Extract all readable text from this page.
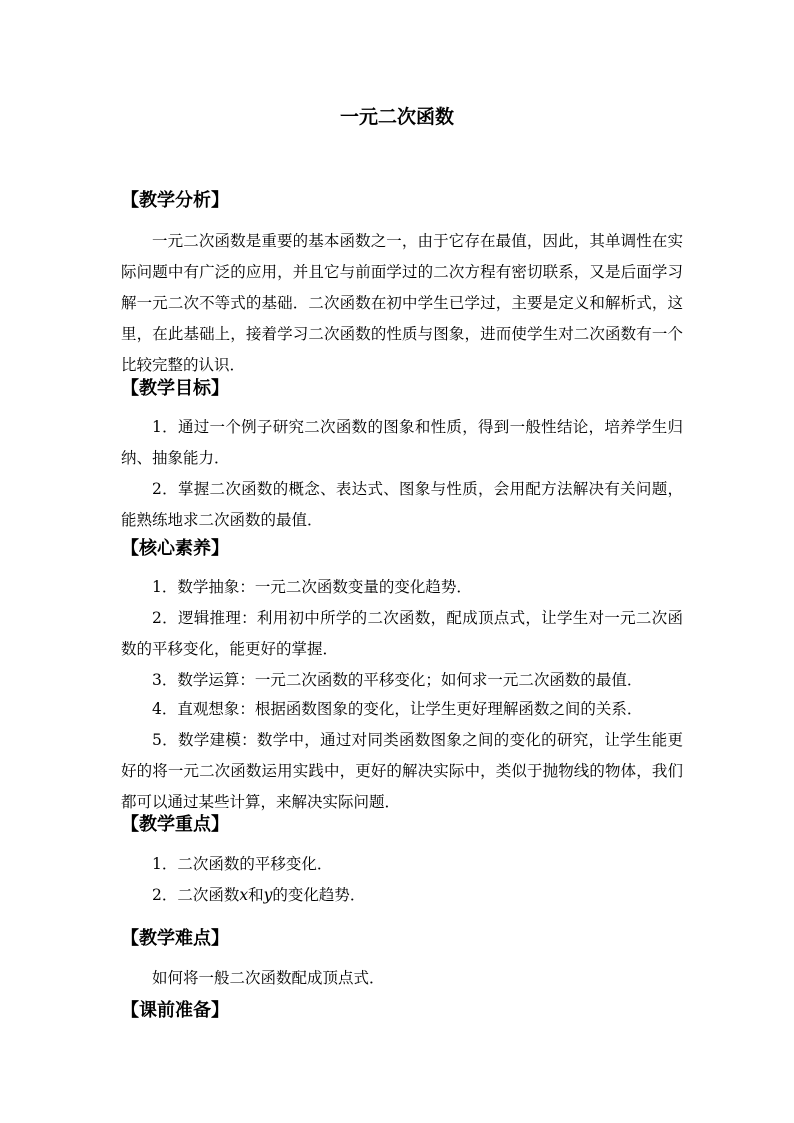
一元二次函数
【教学分析】

一元二次函数是重要的基本函数之一，由于它存在最值，因此，其单调性在实际问题中有广泛的应用，并且它与前面学过的二次方程有密切联系，又是后面学习解一元二次不等式的基础．二次函数在初中学生已学过，主要是定义和解析式，这里，在此基础上，接着学习二次函数的性质与图象，进而使学生对二次函数有一个比较完整的认识．

【教学目标】

1．通过一个例子研究二次函数的图象和性质，得到一般性结论，培养学生归纳、抽象能力．

2．掌握二次函数的概念、表达式、图象与性质，会用配方法解决有关问题，能熟练地求二次函数的最值．

【核心素养】

1．数学抽象：一元二次函数变量的变化趋势．

2．逻辑推理：利用初中所学的二次函数，配成顶点式，让学生对一元二次函数的平移变化，能更好的掌握．

3．数学运算：一元二次函数的平移变化；如何求一元二次函数的最值．

4．直观想象：根据函数图象的变化，让学生更好理解函数之间的关系．

5．数学建模：数学中，通过对同类函数图象之间的变化的研究，让学生能更好的将一元二次函数运用实践中，更好的解决实际中，类似于抛物线的物体，我们都可以通过某些计算，来解决实际问题．

【教学重点】
1．二次函数的平移变化．
2．二次函数x和y的变化趋势．
【教学难点】
如何将一般二次函数配成顶点式．
【课前准备】
